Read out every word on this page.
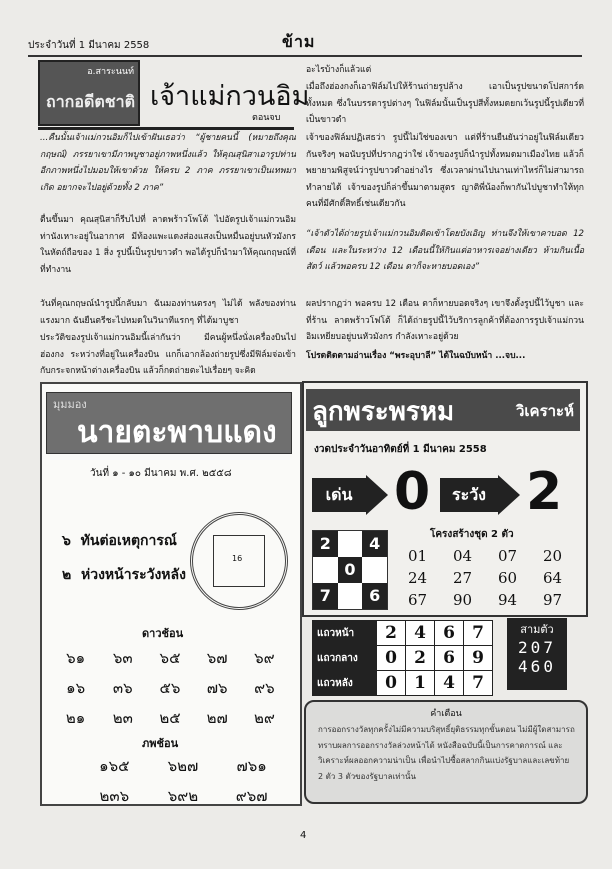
ประจำวันที่ 1 มีนาคม 2558	ข้าม
อ.สาระนนท์
ถากอดีตชาติ เจ้าแม่กวนอิม
ตอนจบ
...คืนนั้นเจ้าแม่กวนอิมก็ไปเข้าฝันเธอว่า “ผู้ชายคนนี้ (หมายถึงคุณกฤษณ์) ภรรยาเขามีภาพบูชาอยู่ภาพหนึ่งแล้ว ให้คุณสุนิสาเอารูปท่านอีกภาพหนึ่งไปมอบให้เขาด้วย ให้ครบ 2 ภาค ภรรยาเขาเป็นเทพมาเกิด อยากจะไปอยู่ด้วยทั้ง 2 ภาค”
ตื่นขึ้นมา คุณสุนิสาก็รีบไปที่ ลาดพร้าวโพโต้ ไปอัดรูปเจ้าแม่กวนอิมท่านังเหาะอยู่ในอากาศ มีท้องแพะแดงส่องแสงเป็นหมื่นอยู่บนหัวมังกรในหัตถ์ถือของ 1 สิ่ง รูปนี้เป็นรูปขาวดำ พอได้รูปก็นำมาให้คุณกฤษณ์ที่ที่ทำงาน
วันที่คุณกฤษณ์นำรูปนี้กลับมา ฉันมองท่านตรงๆ ไม่ได้ พลังของท่านแรงมาก ฉันยืนตรีชะไปหมดในวินาทีแรกๆ ที่ได้มาบูชา
ประวัติของรูปเจ้าแม่กวนอิมนี้เล่ากันว่า มีคนผู้หนึ่งนั่งเครื่องบินไปฮ่องกง ระหว่างที่อยู่ในเครื่องบิน แกก็เอากล้องถ่ายรูปซึ่งมีฟิล์มจ่อเข้ากับกระจกหน้าต่างเครื่องบิน แล้วก็กดถ่ายตะไปเรื่อยๆ จะคิด
อะไรบ้างก็แล้วแต่
เมื่อถึงฮ่องกงก็เอาฟิล์มไปให้ร้านถ่ายรูปล้าง เอาเป็นรูปขนาดโปสการ์ดทั้งหมด ซึ่งในบรรดารูปต่างๆ ในฟิล์มนั้นเป็นรูปสีทั้งหมดยกเว้นรูปนี้รูปเดียวที่เป็นขาวดำ
เจ้าของฟิล์มปฏิเสธว่า รูปนี้ไม่ใช่ของเขา แต่ที่ร้านยืนยันว่าอยู่ในฟิล์มเดียวกันจริงๆ พอนับรูปที่ปรากฏว่าใช่ เจ้าของรูปก็นำรูปทั้งหมดมาเมืองไทย แล้วก็พยายามพิสูจน์ว่ารูปขาวดำอย่างไร ซึ่งเวลาผ่านไปนานเท่าไหร่ก็ไม่สามารถทำลายได้ เจ้าของรูปก็ล่าขึ้นมาตามสูตร ญาติพี่น้องก็พากันไปบูชาทำให้ทุกคนที่มีศักดิ์สิทธิ์เช่นเดียวกัน
“เจ้าตัวได้ถ่ายรูปเจ้าแม่กวนอิมติดเข้าโดยบังเอิญ ท่านจึงให้เขาคาบอด 12 เดือน และในระหว่าง 12 เดือนนี้ให้กินแต่อาหารเจอย่างเดียว ห้ามกินเนื้อสัตว์ แล้วพอครบ 12 เดือน ตาก็จะหายบอดเอง”
ผลปรากฏว่า พอครบ 12 เดือน ตาก็หายบอดจริงๆ เขาจึงตั้งรูปนี้ไว้บูชา และที่ร้าน ลาดพร้าวโฟโต้ ก็ได้ถ่ายรูปนี้ไว้บริการลูกค้าที่ต้องการรูปเจ้าแม่กวนอิมเหยียบอยู่บนหัวมังกร กำลังเหาะอยู่ด้วย
โปรดติดตามอ่านเรื่อง “พระอุบาลี” ได้ในฉบับหน้า ...จบ...
มุมมอง
นายตะพาบแดง
วันที่ ๑ - ๑๐ มีนาคม พ.ศ. ๒๕๕๘
๖ ทันต่อเหตุการณ์
๒ ห่วงหน้าระวังหลัง
16
ดาวช้อน
๖๑	๖๓	๖๕	๖๗	๖๙
๑๖	๓๖	๕๖	๗๖	๙๖
๒๑	๒๓	๒๕	๒๗	๒๙
ภพช้อน
๑๖๕	๖๒๗	๗๖๑
๒๓๖	๖๙๒	๙๖๗
ลูกพระพรหม	วิเคราะห์
งวดประจำวันอาทิตย์ที่ 1 มีนาคม 2558
เด่น 0	ระวัง 2
2	4
0
7	6
โครงสร้างชุด 2 ตัว
01	04	07	20
24	27	60	64
67	90	94	97
แถวหน้า	2	4	6	7
แถวกลาง	0	2	6	9
แถวหลัง	0	1	4	7
สามตัว
207
460
คำเตือน
การออกรางวัลทุกครั้งไม่มีความบริสุทธิ์ยุติธรรมทุกขั้นตอน ไม่มีผู้ใดสามารถทราบผลการออกรางวัลล่วงหน้าได้ หนังสือฉบับนี้เป็นการคาดการณ์ และวิเคราะห์ผลออกความน่าเป็น เพื่อนำไปซื้อสลากกินแบ่งรัฐบาลและเลขท้าย 2 ตัว 3 ตัวของรัฐบาลเท่านั้น
4
